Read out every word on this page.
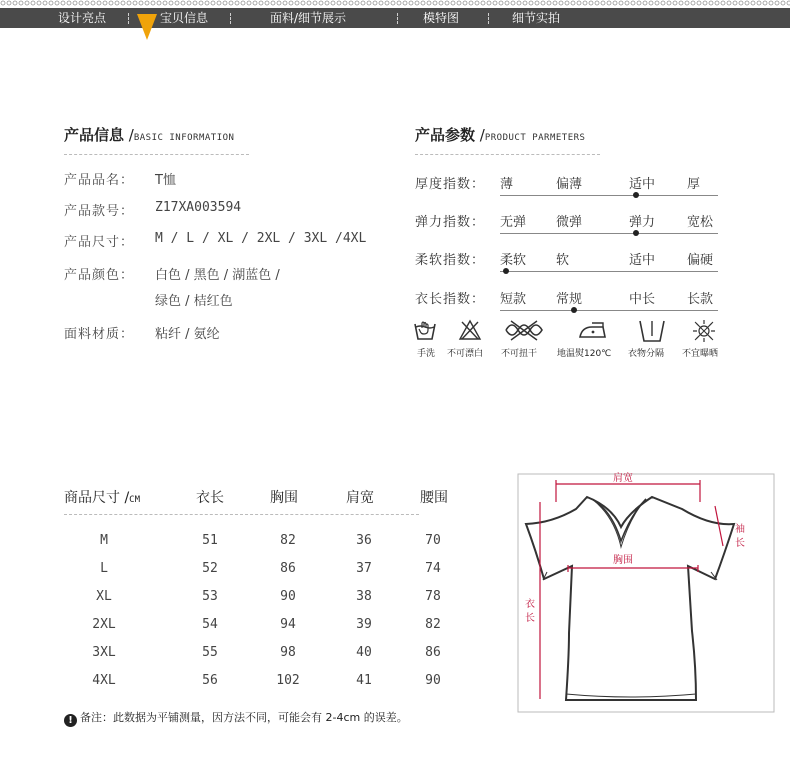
设计亮点	宝贝信息	面料/细节展示	模特图	细节实拍
产品信息 /BASIC INFORMATION
产品品名： T恤
产品款号： Z17XA003594
产品尺寸： M / L / XL / 2XL / 3XL /4XL
产品颜色： 白色 / 黑色 / 湖蓝色 /
绿色 / 桔红色
面料材质： 粘纤 / 氨纶
产品参数 /PRODUCT PARMETERS
厚度指数： 薄	偏薄	适中 厚
弹力指数： 无弹 微弹	弹力 宽松
柔软指数： 柔软 软	适中 偏硬
衣长指数： 短款 常规	中长 长款
手洗 不可漂白 不可扭干 地温熨120℃ 衣物分隔 不宜曝晒
商品尺寸 /CM	衣长	胸围	肩宽	腰围
M	51	82	36	70
L	52	86	37	74
XL	53	90	38	78
2XL	54	94	39	82
3XL	55	98	40	86
4XL	56	102	41	90
! 备注：此数据为平铺测量，因方法不同，可能会有 2-4cm 的误差。
肩宽
胸围
衣长
袖长
